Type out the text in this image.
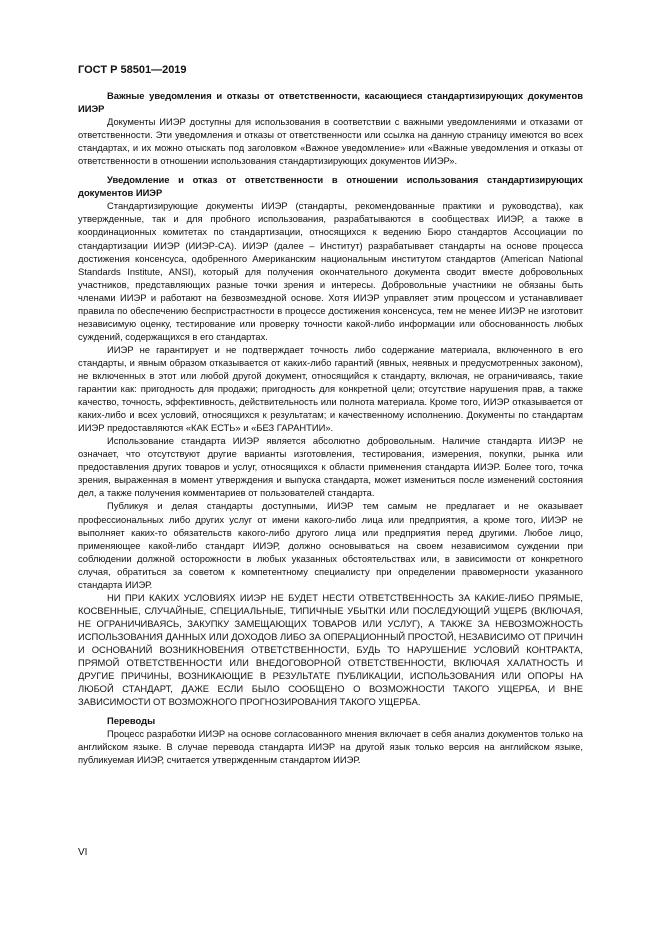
ГОСТ Р 58501—2019
Важные уведомления и отказы от ответственности, касающиеся стандартизирующих документов ИИЭР

Документы ИИЭР доступны для использования в соответствии с важными уведомлениями и отказами от ответственности. Эти уведомления и отказы от ответственности или ссылка на данную страницу имеются во всех стандартах, и их можно отыскать под заголовком «Важное уведомление» или «Важные уведомления и отказы от ответственности в отношении использования стандартизирующих документов ИИЭР».

Уведомление и отказ от ответственности в отношении использования стандартизирующих документов ИИЭР

Стандартизирующие документы ИИЭР (стандарты, рекомендованные практики и руководства), как утвержденные, так и для пробного использования, разрабатываются в сообществах ИИЭР, а также в координационных комитетах по стандартизации, относящихся к ведению Бюро стандартов Ассоциации по стандартизации ИИЭР (ИИЭР-СА). ИИЭР (далее – Институт) разрабатывает стандарты на основе процесса достижения консенсуса, одобренного Американским национальным институтом стандартов (American National Standards Institute, ANSI), который для получения окончательного документа сводит вместе добровольных участников, представляющих разные точки зрения и интересы. Добровольные участники не обязаны быть членами ИИЭР и работают на безвозмездной основе. Хотя ИИЭР управляет этим процессом и устанавливает правила по обеспечению беспристрастности в процессе достижения консенсуса, тем не менее ИИЭР не изготовит независимую оценку, тестирование или проверку точности какой-либо информации или обоснованность любых суждений, содержащихся в его стандартах.

ИИЭР не гарантирует и не подтверждает точность либо содержание материала, включенного в его стандарты, и явным образом отказывается от каких-либо гарантий (явных, неявных и предусмотренных законом), не включенных в этот или любой другой документ, относящийся к стандарту, включая, не ограничиваясь, такие гарантии как: пригодность для продажи; пригодность для конкретной цели; отсутствие нарушения прав, а также качество, точность, эффективность, действительность или полнота материала. Кроме того, ИИЭР отказывается от каких-либо и всех условий, относящихся к результатам; и качественному исполнению. Документы по стандартам ИИЭР предоставляются «КАК ЕСТЬ» и «БЕЗ ГАРАНТИИ».

Использование стандарта ИИЭР является абсолютно добровольным. Наличие стандарта ИИЭР не означает, что отсутствуют другие варианты изготовления, тестирования, измерения, покупки, рынка или предоставления других товаров и услуг, относящихся к области применения стандарта ИИЭР. Более того, точка зрения, выраженная в момент утверждения и выпуска стандарта, может измениться после изменений состояния дел, а также получения комментариев от пользователей стандарта.

Публикуя и делая стандарты доступными, ИИЭР тем самым не предлагает и не оказывает профессиональных либо других услуг от имени какого-либо лица или предприятия, а кроме того, ИИЭР не выполняет каких-то обязательств какого-либо другого лица или предприятия перед другими. Любое лицо, применяющее какой-либо стандарт ИИЭР, должно основываться на своем независимом суждении при соблюдении должной осторожности в любых указанных обстоятельствах или, в зависимости от конкретного случая, обратиться за советом к компетентному специалисту при определении правомерности указанного стандарта ИИЭР.

НИ ПРИ КАКИХ УСЛОВИЯХ ИИЭР НЕ БУДЕТ НЕСТИ ОТВЕТСТВЕННОСТЬ ЗА КАКИЕ-ЛИБО ПРЯМЫЕ, КОСВЕННЫЕ, СЛУЧАЙНЫЕ, СПЕЦИАЛЬНЫЕ, ТИПИЧНЫЕ УБЫТКИ ИЛИ ПОСЛЕДУЮЩИЙ УЩЕРБ (ВКЛЮЧАЯ, НЕ ОГРАНИЧИВАЯСЬ, ЗАКУПКУ ЗАМЕЩАЮЩИХ ТОВАРОВ ИЛИ УСЛУГ), А ТАКЖЕ ЗА НЕВОЗМОЖНОСТЬ ИСПОЛЬЗОВАНИЯ ДАННЫХ ИЛИ ДОХОДОВ ЛИБО ЗА ОПЕРАЦИОННЫЙ ПРОСТОЙ, НЕЗАВИСИМО ОТ ПРИЧИН И ОСНОВАНИЙ ВОЗНИКНОВЕНИЯ ОТВЕТСТВЕННОСТИ, БУДЬ ТО НАРУШЕНИЕ УСЛОВИЙ КОНТРАКТА, ПРЯМОЙ ОТВЕТСТВЕННОСТИ ИЛИ ВНЕДОГОВОРНОЙ ОТВЕТСТВЕННОСТИ, ВКЛЮЧАЯ ХАЛАТНОСТЬ И ДРУГИЕ ПРИЧИНЫ, ВОЗНИКАЮЩИЕ В РЕЗУЛЬТАТЕ ПУБЛИКАЦИИ, ИСПОЛЬЗОВАНИЯ ИЛИ ОПОРЫ НА ЛЮБОЙ СТАНДАРТ, ДАЖЕ ЕСЛИ БЫЛО СООБЩЕНО О ВОЗМОЖНОСТИ ТАКОГО УЩЕРБА, И ВНЕ ЗАВИСИМОСТИ ОТ ВОЗМОЖНОГО ПРОГНОЗИРОВАНИЯ ТАКОГО УЩЕРБА.

Переводы

Процесс разработки ИИЭР на основе согласованного мнения включает в себя анализ документов только на английском языке. В случае перевода стандарта ИИЭР на другой язык только версия на английском языке, публикуемая ИИЭР, считается утвержденным стандартом ИИЭР.

VI
